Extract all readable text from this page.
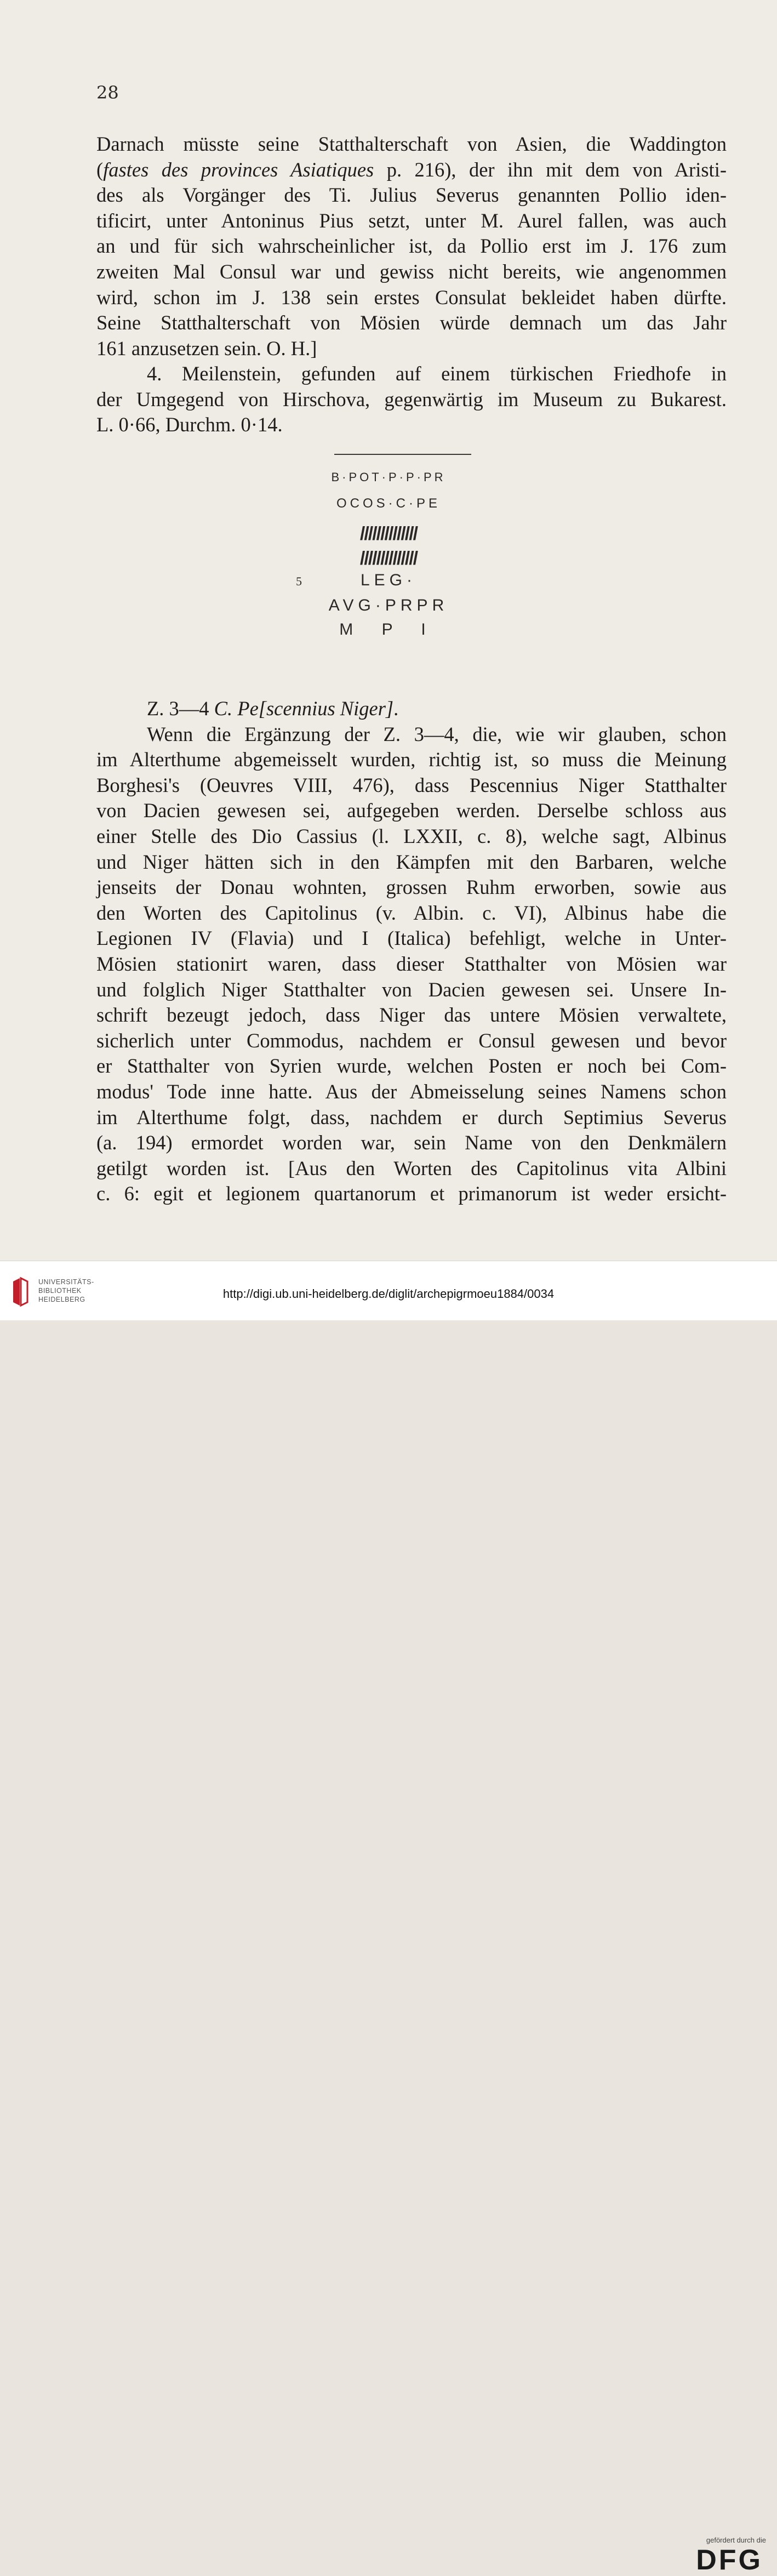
28
Darnach müsste seine Statthalterschaft von Asien, die Waddington
(fastes des provinces Asiatiques p. 216), der ihn mit dem von Aristi-
des als Vorgänger des Ti. Julius Severus genannten Pollio iden-
tificirt, unter Antoninus Pius setzt, unter M. Aurel fallen, was auch
an und für sich wahrscheinlicher ist, da Pollio erst im J. 176 zum
zweiten Mal Consul war und gewiss nicht bereits, wie angenommen
wird, schon im J. 138 sein erstes Consulat bekleidet haben dürfte.
Seine Statthalterschaft von Mösien würde demnach um das Jahr
161 anzusetzen sein. O. H.]
4. Meilenstein, gefunden auf einem türkischen Friedhofe in
der Umgegend von Hirschova, gegenwärtig im Museum zu Bukarest.
L. 0·66, Durchm. 0·14.
B·POT·P·P·PR
OCOS·C·PE
//////////////
//////////////
5	LEG·
AVG·PRPR
M P I
Z. 3—4 C. Pe[scennius Niger].
Wenn die Ergänzung der Z. 3—4, die, wie wir glauben, schon
im Alterthume abgemeisselt wurden, richtig ist, so muss die Meinung
Borghesi's (Oeuvres VIII, 476), dass Pescennius Niger Statthalter
von Dacien gewesen sei, aufgegeben werden. Derselbe schloss aus
einer Stelle des Dio Cassius (l. LXXII, c. 8), welche sagt, Albinus
und Niger hätten sich in den Kämpfen mit den Barbaren, welche
jenseits der Donau wohnten, grossen Ruhm erworben, sowie aus
den Worten des Capitolinus (v. Albin. c. VI), Albinus habe die
Legionen IV (Flavia) und I (Italica) befehligt, welche in Unter-
Mösien stationirt waren, dass dieser Statthalter von Mösien war
und folglich Niger Statthalter von Dacien gewesen sei. Unsere In-
schrift bezeugt jedoch, dass Niger das untere Mösien verwaltete,
sicherlich unter Commodus, nachdem er Consul gewesen und bevor
er Statthalter von Syrien wurde, welchen Posten er noch bei Com-
modus' Tode inne hatte. Aus der Abmeisselung seines Namens schon
im Alterthume folgt, dass, nachdem er durch Septimius Severus
(a. 194) ermordet worden war, sein Name von den Denkmälern
getilgt worden ist. [Aus den Worten des Capitolinus vita Albini
c. 6: egit et legionem quartanorum et primanorum ist weder ersicht-
UNIVERSITÄTS-
BIBLIOTHEK
HEIDELBERG
gefördert durch die
DFG
http://digi.ub.uni-heidelberg.de/diglit/archepigrmoeu1884/0034
